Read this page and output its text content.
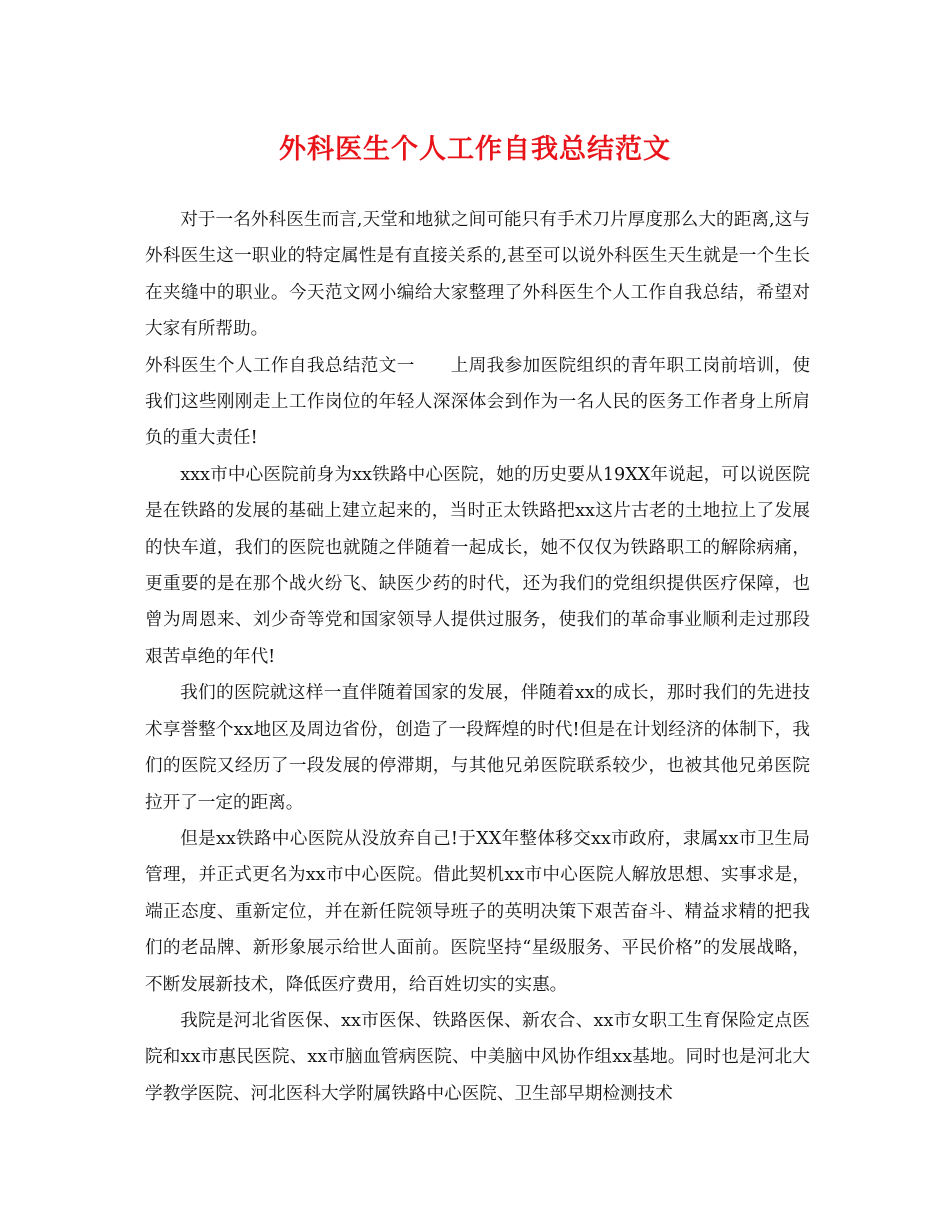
外科医生个人工作自我总结范文

对于一名外科医生而言,天堂和地狱之间可能只有手术刀片厚度那么大的距离,这与外科医生这一职业的特定属性是有直接关系的,甚至可以说外科医生天生就是一个生长在夹缝中的职业。今天范文网小编给大家整理了外科医生个人工作自我总结，希望对大家有所帮助。

外科医生个人工作自我总结范文一　　上周我参加医院组织的青年职工岗前培训，使我们这些刚刚走上工作岗位的年轻人深深体会到作为一名人民的医务工作者身上所肩负的重大责任!

xxx市中心医院前身为xx铁路中心医院，她的历史要从19XX年说起，可以说医院是在铁路的发展的基础上建立起来的，当时正太铁路把xx这片古老的土地拉上了发展的快车道，我们的医院也就随之伴随着一起成长，她不仅仅为铁路职工的解除病痛，更重要的是在那个战火纷飞、缺医少药的时代，还为我们的党组织提供医疗保障，也曾为周恩来、刘少奇等党和国家领导人提供过服务，使我们的革命事业顺利走过那段艰苦卓绝的年代!

我们的医院就这样一直伴随着国家的发展，伴随着xx的成长，那时我们的先进技术享誉整个xx地区及周边省份，创造了一段辉煌的时代!但是在计划经济的体制下，我们的医院又经历了一段发展的停滞期，与其他兄弟医院联系较少，也被其他兄弟医院拉开了一定的距离。

但是xx铁路中心医院从没放弃自己!于XX年整体移交xx市政府，隶属xx市卫生局管理，并正式更名为xx市中心医院。借此契机xx市中心医院人解放思想、实事求是，端正态度、重新定位，并在新任院领导班子的英明决策下艰苦奋斗、精益求精的把我们的老品牌、新形象展示给世人面前。医院坚持“星级服务、平民价格”的发展战略，不断发展新技术，降低医疗费用，给百姓切实的实惠。

我院是河北省医保、xx市医保、铁路医保、新农合、xx市女职工生育保险定点医院和xx市惠民医院、xx市脑血管病医院、中美脑中风协作组xx基地。同时也是河北大学教学医院、河北医科大学附属铁路中心医院、卫生部早期检测技术
